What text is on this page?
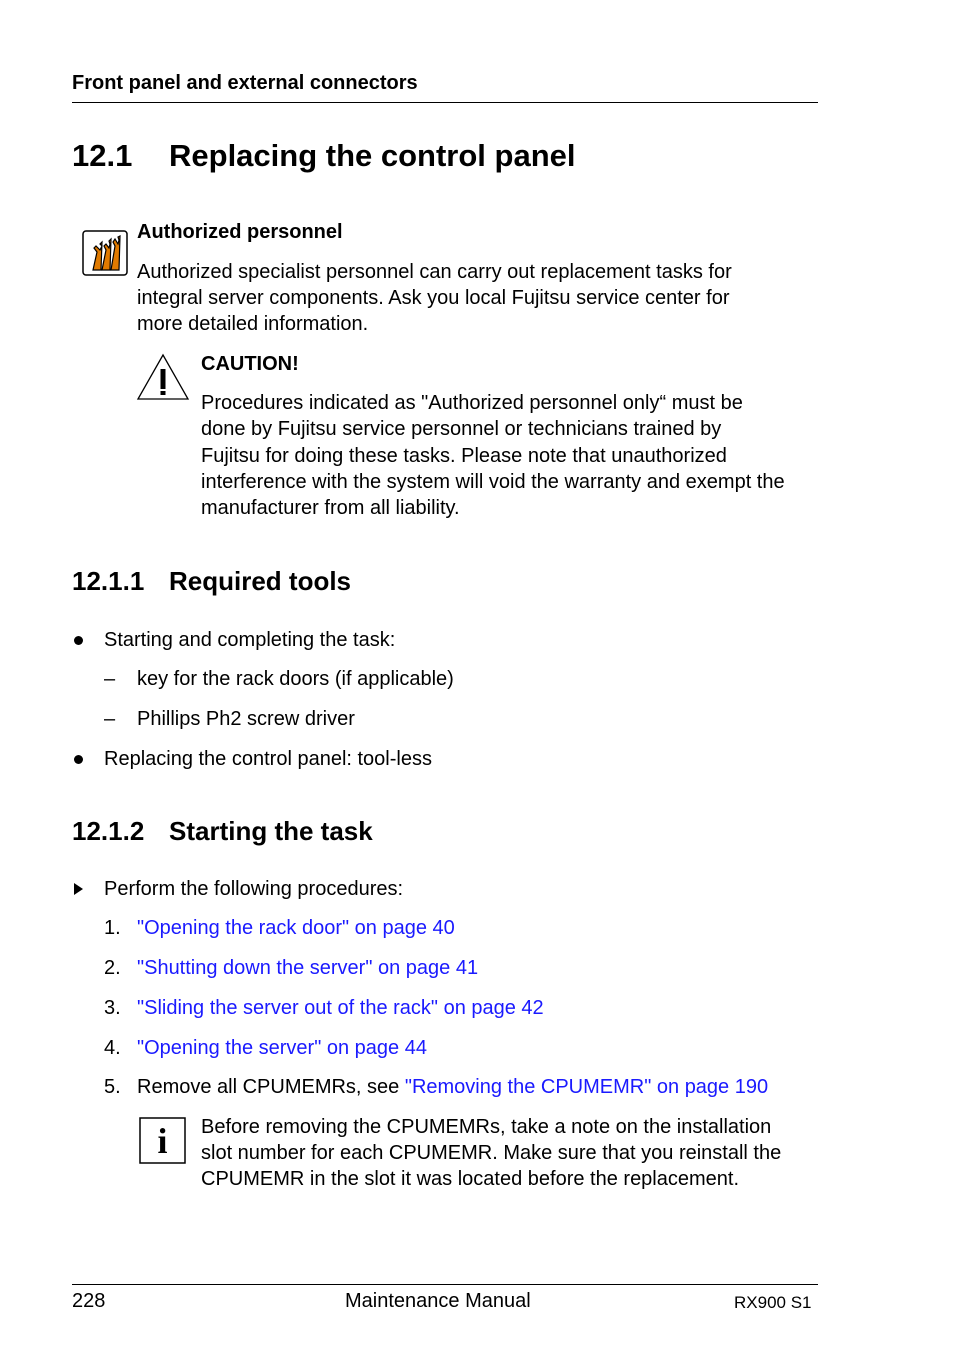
Front panel and external connectors
12.1 Replacing the control panel
Authorized personnel
Authorized specialist personnel can carry out replacement tasks for
integral server components. Ask you local Fujitsu service center for
more detailed information.
CAUTION!
Procedures indicated as "Authorized personnel only“ must be
done by Fujitsu service personnel or technicians trained by
Fujitsu for doing these tasks. Please note that unauthorized
interference with the system will void the warranty and exempt the
manufacturer from all liability.
12.1.1 Required tools
Starting and completing the task:
– key for the rack doors (if applicable)
– Phillips Ph2 screw driver
Replacing the control panel: tool-less
12.1.2 Starting the task
Perform the following procedures:
1. "Opening the rack door" on page 40
2. "Shutting down the server" on page 41
3. "Sliding the server out of the rack" on page 42
4. "Opening the server" on page 44
5. Remove all CPUMEMRs, see "Removing the CPUMEMR" on page 190
i	Before removing the CPUMEMRs, take a note on the installation
slot number for each CPUMEMR. Make sure that you reinstall the
CPUMEMR in the slot it was located before the replacement.
228	Maintenance Manual	RX900 S1
